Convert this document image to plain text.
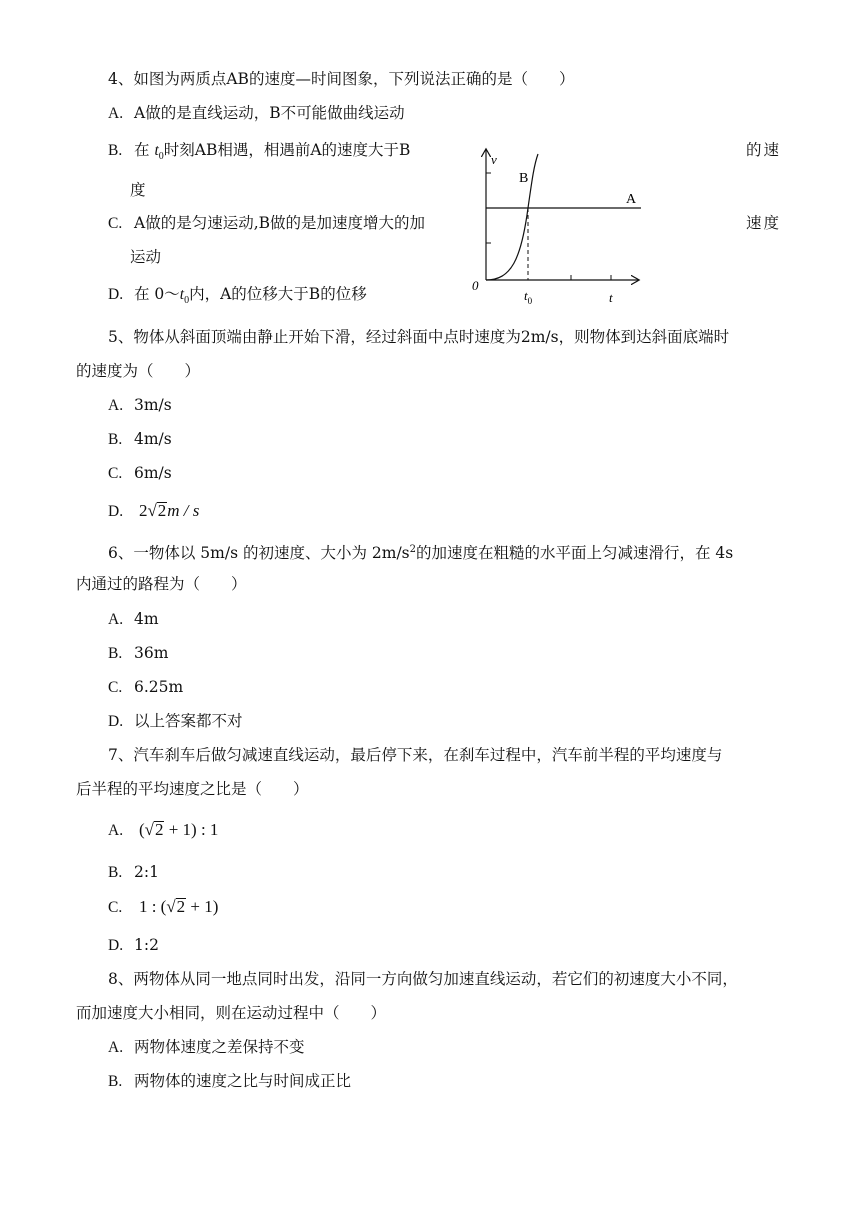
4、如图为两质点AB的速度—时间图象，下列说法正确的是（　　）
A. A做的是直线运动，B不可能做曲线运动
B. 在 $t_0$时刻AB相遇，相遇前A的速度大于B	的速
度
C. A做的是匀速运动,B做的是加速度增大的加	速度
运动
D. 在 $0\sim t_0$内，A的位移大于B的位移
v
B
A
0
$t_0$	t
5、物体从斜面顶端由静止开始下滑，经过斜面中点时速度为2m/s，则物体到达斜面底端时
的速度为（　　）
A. 3m/s
B. 4m/s
C. 6m/s
D. 2√2m / s
6、一物体以 5m/s 的初速度、大小为 $2m/s^2$的加速度在粗糙的水平面上匀减速滑行，在 4s
内通过的路程为（　　）
A. 4m
B. 36m
C. 6.25m
D. 以上答案都不对
7、汽车刹车后做匀减速直线运动，最后停下来，在刹车过程中，汽车前半程的平均速度与
后半程的平均速度之比是（　　）
A. (√2 + 1) : 1
B. 2:1
C. 1 : (√2 + 1)
D. 1:2
8、两物体从同一地点同时出发，沿同一方向做匀加速直线运动，若它们的初速度大小不同，
而加速度大小相同，则在运动过程中（　　）
A. 两物体速度之差保持不变
B. 两物体的速度之比与时间成正比
